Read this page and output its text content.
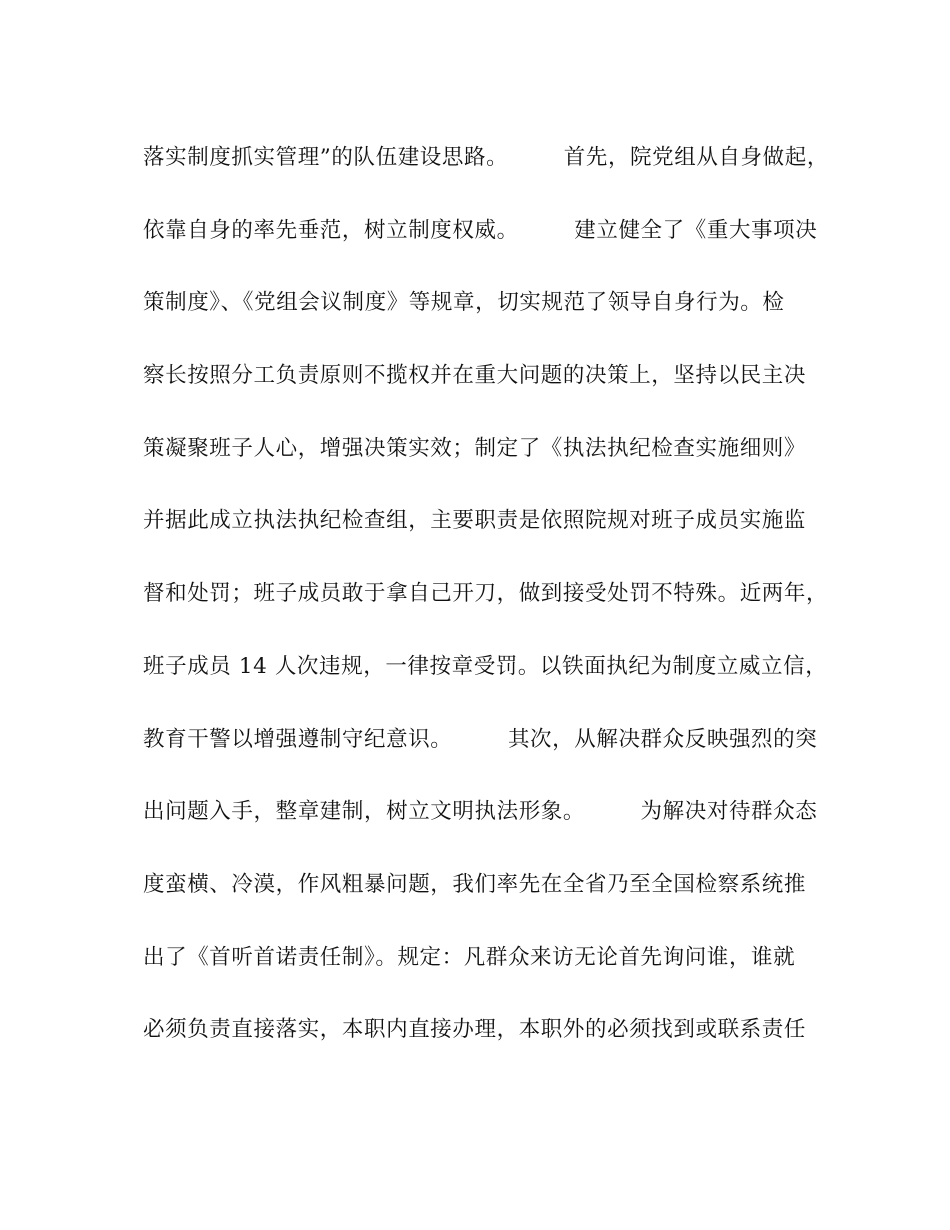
落实制度抓实管理”的队伍建设思路。　　　首先，院党组从自身做起，
依靠自身的率先垂范，树立制度权威。　　　建立健全了《重大事项决
策制度》、《党组会议制度》等规章，切实规范了领导自身行为。检
察长按照分工负责原则不揽权并在重大问题的决策上，坚持以民主决
策凝聚班子人心，增强决策实效；制定了《执法执纪检查实施细则》
并据此成立执法执纪检查组，主要职责是依照院规对班子成员实施监
督和处罚；班子成员敢于拿自己开刀，做到接受处罚不特殊。近两年，
班子成员 14 人次违规，一律按章受罚。以铁面执纪为制度立威立信，
教育干警以增强遵制守纪意识。　　　其次，从解决群众反映强烈的突
出问题入手，整章建制，树立文明执法形象。　　　为解决对待群众态
度蛮横、冷漠，作风粗暴问题，我们率先在全省乃至全国检察系统推
出了《首听首诺责任制》。规定：凡群众来访无论首先询问谁，谁就
必须负责直接落实，本职内直接办理，本职外的必须找到或联系责任
